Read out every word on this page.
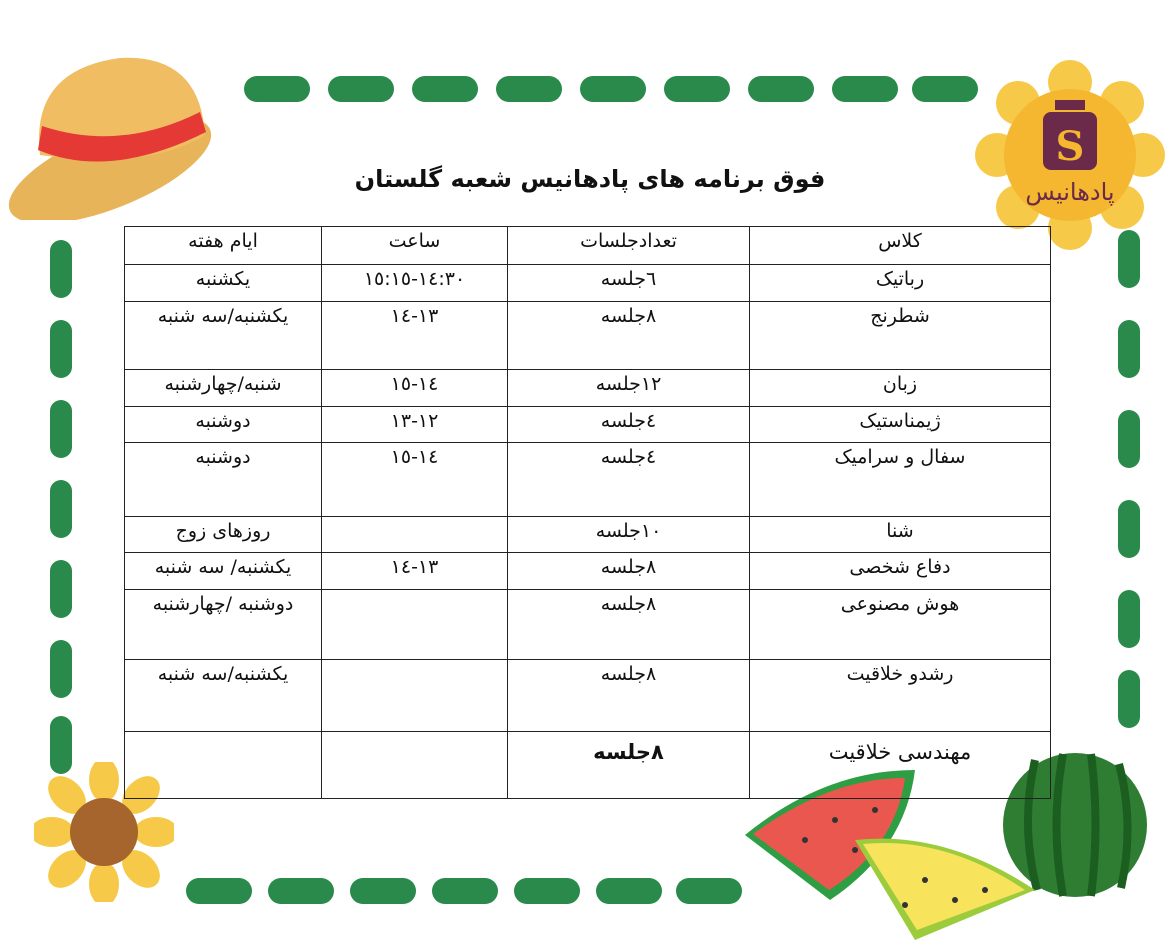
S
پادهانیس
فوق برنامه های پادهانیس شعبه گلستان
کلاس	تعدادجلسات	ساعت	ایام هفته
رباتیک	٦جلسه	١٤:٣٠-١٥:١٥	یکشنبه
شطرنج	٨جلسه	١٣-١٤	یکشنبه/سه شنبه
زبان	١٢جلسه	١٤-١٥	شنبه/چهارشنبه
ژیمناستیک	٤جلسه	١٢-١٣	دوشنبه
سفال و سرامیک	٤جلسه	١٤-١٥	دوشنبه
شنا	١٠جلسه		روزهای زوج
دفاع شخصی	٨جلسه	١٣-١٤	یکشنبه/ سه شنبه
هوش مصنوعی	٨جلسه		دوشنبه /چهارشنبه
رشدو خلاقیت	٨جلسه		یکشنبه/سه شنبه
مهندسی خلاقیت	٨جلسه		
